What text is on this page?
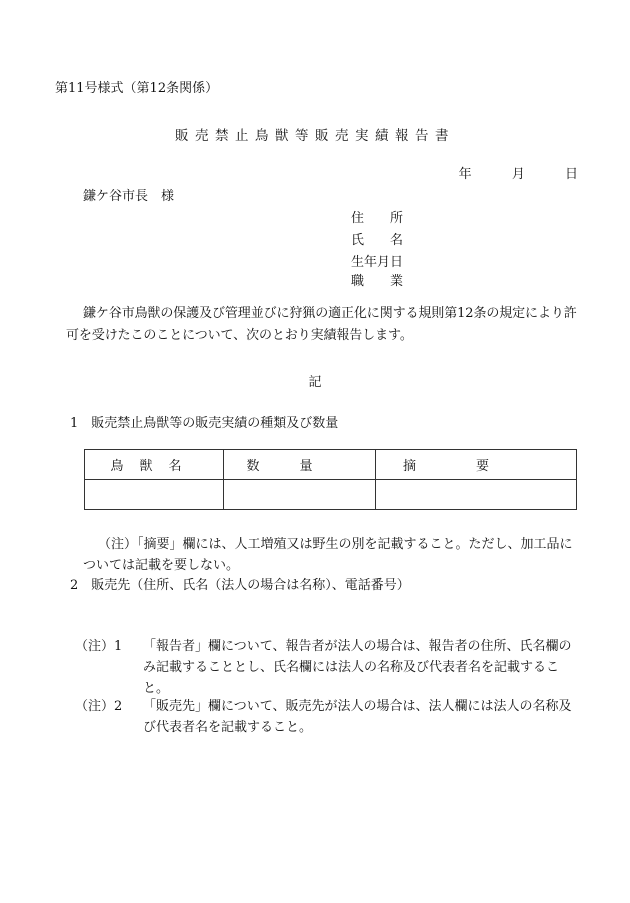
第11号様式（第12条関係）
販売禁止鳥獣等販売実績報告書
年	月	日
鎌ケ谷市長　様
住　　所
氏　　名
生年月日
職　　業
鎌ケ谷市鳥獣の保護及び管理並びに狩猟の適正化に関する規則第12条の規定により許可を受けたこのことについて、次のとおり実績報告します。
記
1　販売禁止鳥獣等の販売実績の種類及び数量
鳥獣名	数量	摘要

（注）「摘要」欄には、人工増殖又は野生の別を記載すること。ただし、加工品については記載を要しない。
2　販売先（住所、氏名（法人の場合は名称）、電話番号）
（注）1 「報告者」欄について、報告者が法人の場合は、報告者の住所、氏名欄のみ記載することとし、氏名欄には法人の名称及び代表者名を記載すること。
（注）2 「販売先」欄について、販売先が法人の場合は、法人欄には法人の名称及び代表者名を記載すること。
